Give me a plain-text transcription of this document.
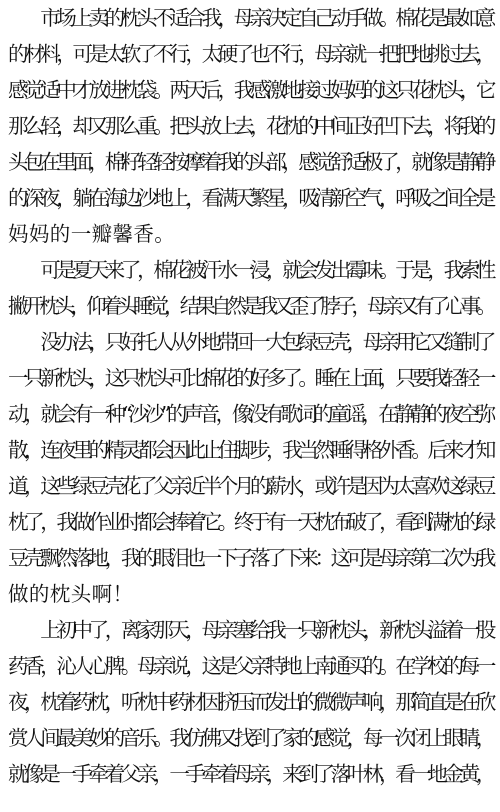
　　市场上卖的枕头不适合我，母亲决定自己动手做。棉花是最如意
的材料，可是太软了不行，太硬了也不行，母亲就一把把地挑过去，
感觉适中才放进枕袋。两天后，我感激地接过妈妈的这只花枕头，它
那么轻，却又那么重。把头放上去，花枕的中间正好凹下去，将我的
头包在里面，棉籽轻轻按摩着我的头部，感觉舒适极了，就像是静静
的深夜，躺在海边沙地上，看满天繁星，吸清新空气，呼吸之间全是
妈妈的一瓣馨香。
　　可是夏天来了，棉花被汗水一浸，就会发出霉味。于是，我索性
撇开枕头，仰着头睡觉，结果自然是我又歪了脖子，母亲又有了心事。
　　没办法，只好托人从外地带回一大包绿豆壳，母亲用它又缝制了
一只新枕头，这只枕头可比棉花的好多了。睡在上面，只要我轻轻一
动，就会有一种“沙沙”的声音，像没有歌词的童谣，在静静的夜空弥
散，连夜里的精灵都会因此止住脚步，我当然睡得格外香。后来才知
道，这些绿豆壳花了父亲近半个月的薪水，或许是因为太喜欢这绿豆
枕了，我做作业时都会捧着它。终于有一天枕布破了，看到满枕的绿
豆壳飘然落地，我的眼泪也一下子落了下来：这可是母亲第二次为我
做的枕头啊！
　　上初中了，离家那天，母亲塞给我一只新枕头，新枕头溢着一股
药香，沁人心脾。母亲说，这是父亲特地上南通买的。在学校的每一
夜，枕着药枕，听枕中药材因挤压而发出的微微声响，那简直是在欣
赏人间最美妙的音乐。我仿佛又找到了家的感觉，每一次闭上眼睛，
就像是一手牵着父亲，一手牵着母亲，来到了落叶林，看一地金黄，
